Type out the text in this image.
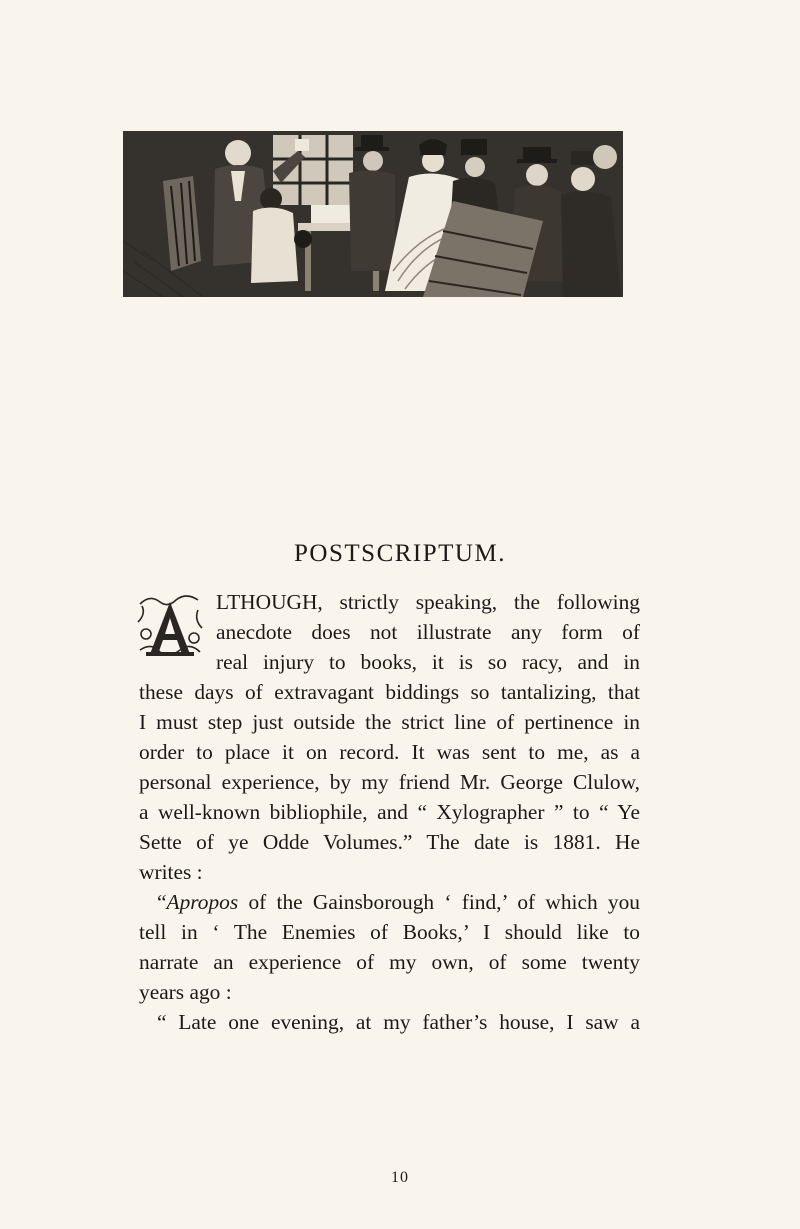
POSTSCRIPTUM.
LTHOUGH, strictly speaking, the following
anecdote does not illustrate any form of
real injury to books, it is so racy, and in
these days of extravagant biddings so tantalizing, that
I must step just outside the strict line of pertinence in
order to place it on record. It was sent to me, as a
personal experience, by my friend Mr. George Clulow,
a well-known bibliophile, and “ Xylographer ” to “ Ye
Sette of ye Odde Volumes.” The date is 1881. He
writes :
“Apropos of the Gainsborough ‘ find,’ of which you
tell in ‘ The Enemies of Books,’ I should like to
narrate an experience of my own, of some twenty
years ago :
“ Late one evening, at my father’s house, I saw a
10
